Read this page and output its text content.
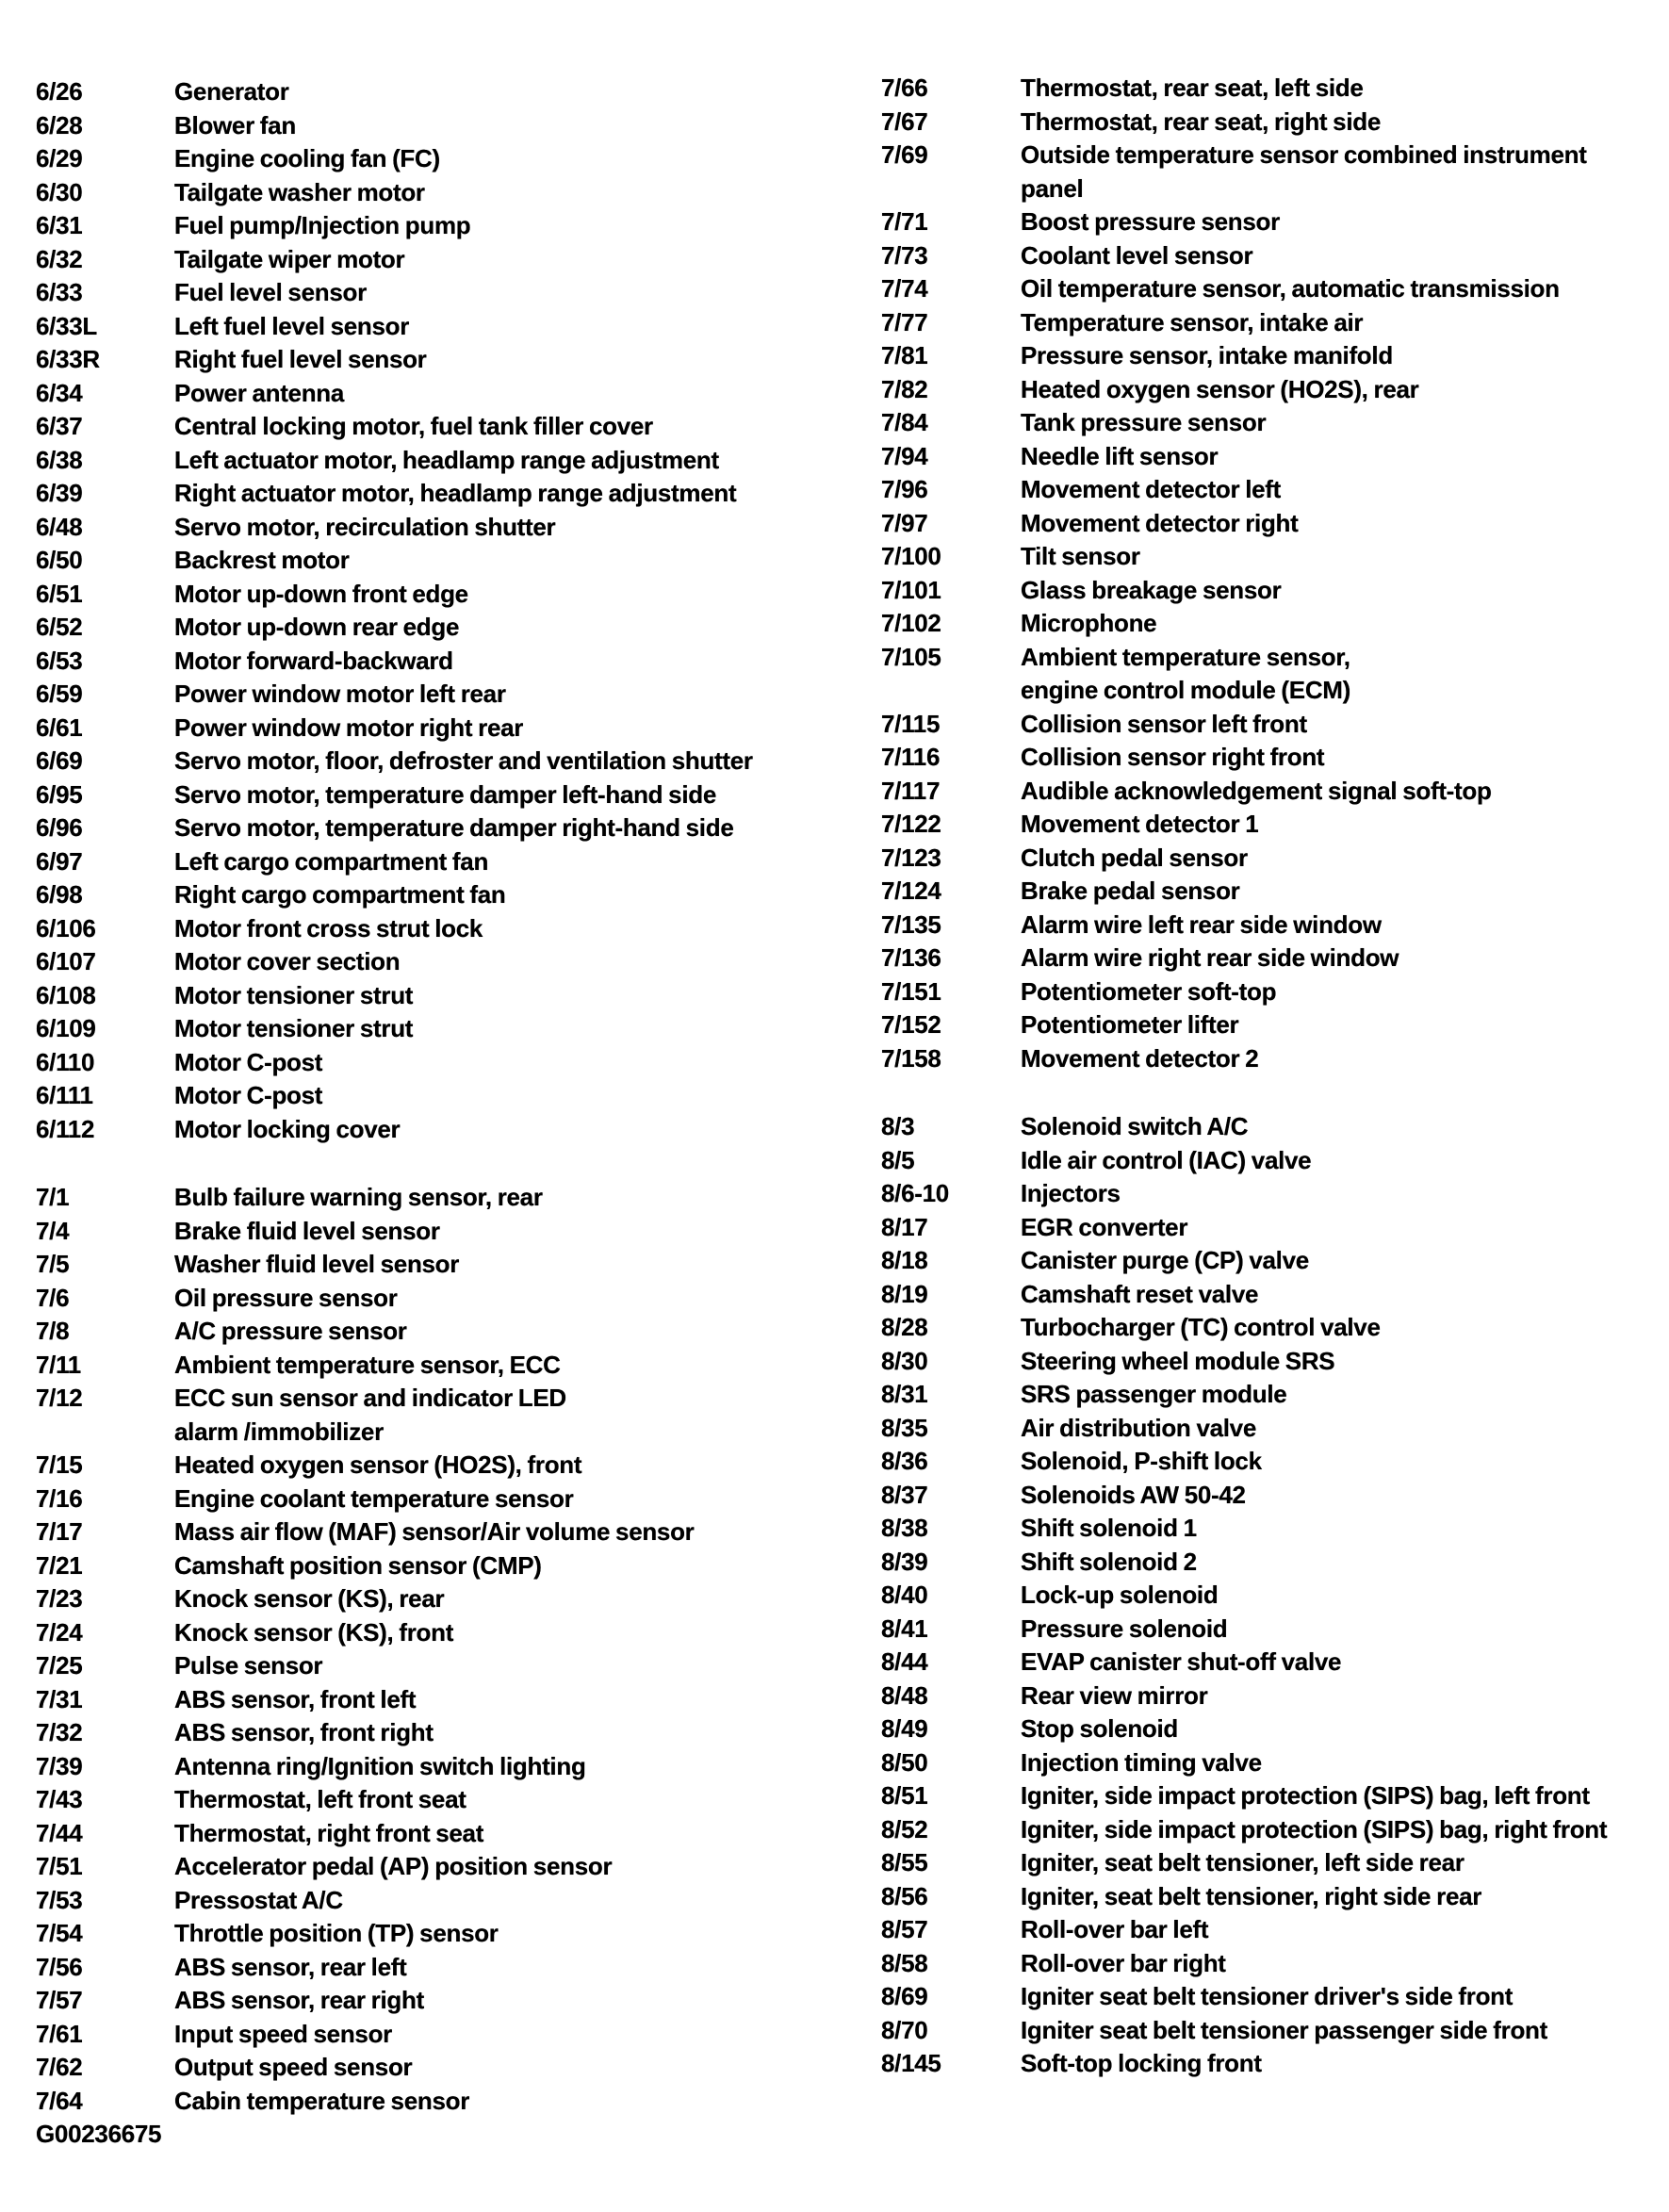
6/26	Generator
6/28	Blower fan
6/29	Engine cooling fan (FC)
6/30	Tailgate washer motor
6/31	Fuel pump/Injection pump
6/32	Tailgate wiper motor
6/33	Fuel level sensor
6/33L	Left fuel level sensor
6/33R	Right fuel level sensor
6/34	Power antenna
6/37	Central locking motor, fuel tank filler cover
6/38	Left actuator motor, headlamp range adjustment
6/39	Right actuator motor, headlamp range adjustment
6/48	Servo motor, recirculation shutter
6/50	Backrest motor
6/51	Motor up-down front edge
6/52	Motor up-down rear edge
6/53	Motor forward-backward
6/59	Power window motor left rear
6/61	Power window motor right rear
6/69	Servo motor, floor, defroster and ventilation shutter
6/95	Servo motor, temperature damper left-hand side
6/96	Servo motor, temperature damper right-hand side
6/97	Left cargo compartment fan
6/98	Right cargo compartment fan
6/106	Motor front cross strut lock
6/107	Motor cover section
6/108	Motor tensioner strut
6/109	Motor tensioner strut
6/110	Motor C-post
6/111	Motor C-post
6/112	Motor locking cover
7/1	Bulb failure warning sensor, rear
7/4	Brake fluid level sensor
7/5	Washer fluid level sensor
7/6	Oil pressure sensor
7/8	A/C pressure sensor
7/11	Ambient temperature sensor, ECC
7/12	ECC sun sensor and indicator LED
alarm /immobilizer
7/15	Heated oxygen sensor (HO2S), front
7/16	Engine coolant temperature sensor
7/17	Mass air flow (MAF) sensor/Air volume sensor
7/21	Camshaft position sensor (CMP)
7/23	Knock sensor (KS), rear
7/24	Knock sensor (KS), front
7/25	Pulse sensor
7/31	ABS sensor, front left
7/32	ABS sensor, front right
7/39	Antenna ring/Ignition switch lighting
7/43	Thermostat, left front seat
7/44	Thermostat, right front seat
7/51	Accelerator pedal (AP) position sensor
7/53	Pressostat A/C
7/54	Throttle position (TP) sensor
7/56	ABS sensor, rear left
7/57	ABS sensor, rear right
7/61	Input speed sensor
7/62	Output speed sensor
7/64	Cabin temperature sensor
G00236675
7/66	Thermostat, rear seat, left side
7/67	Thermostat, rear seat, right side
7/69	Outside temperature sensor combined instrument
panel
7/71	Boost pressure sensor
7/73	Coolant level sensor
7/74	Oil temperature sensor, automatic transmission
7/77	Temperature sensor, intake air
7/81	Pressure sensor, intake manifold
7/82	Heated oxygen sensor (HO2S), rear
7/84	Tank pressure sensor
7/94	Needle lift sensor
7/96	Movement detector left
7/97	Movement detector right
7/100	Tilt sensor
7/101	Glass breakage sensor
7/102	Microphone
7/105	Ambient temperature sensor,
engine control module (ECM)
7/115	Collision sensor left front
7/116	Collision sensor right front
7/117	Audible acknowledgement signal soft-top
7/122	Movement detector 1
7/123	Clutch pedal sensor
7/124	Brake pedal sensor
7/135	Alarm wire left rear side window
7/136	Alarm wire right rear side window
7/151	Potentiometer soft-top
7/152	Potentiometer lifter
7/158	Movement detector 2
8/3	Solenoid switch A/C
8/5	Idle air control (IAC) valve
8/6-10	Injectors
8/17	EGR converter
8/18	Canister purge (CP) valve
8/19	Camshaft reset valve
8/28	Turbocharger (TC) control valve
8/30	Steering wheel module SRS
8/31	SRS passenger module
8/35	Air distribution valve
8/36	Solenoid, P-shift lock
8/37	Solenoids AW 50-42
8/38	Shift solenoid 1
8/39	Shift solenoid 2
8/40	Lock-up solenoid
8/41	Pressure solenoid
8/44	EVAP canister shut-off valve
8/48	Rear view mirror
8/49	Stop solenoid
8/50	Injection timing valve
8/51	Igniter, side impact protection (SIPS) bag, left front
8/52	Igniter, side impact protection (SIPS) bag, right front
8/55	Igniter, seat belt tensioner, left side rear
8/56	Igniter, seat belt tensioner, right side rear
8/57	Roll-over bar left
8/58	Roll-over bar right
8/69	Igniter seat belt tensioner driver's side front
8/70	Igniter seat belt tensioner passenger side front
8/145	Soft-top locking front
